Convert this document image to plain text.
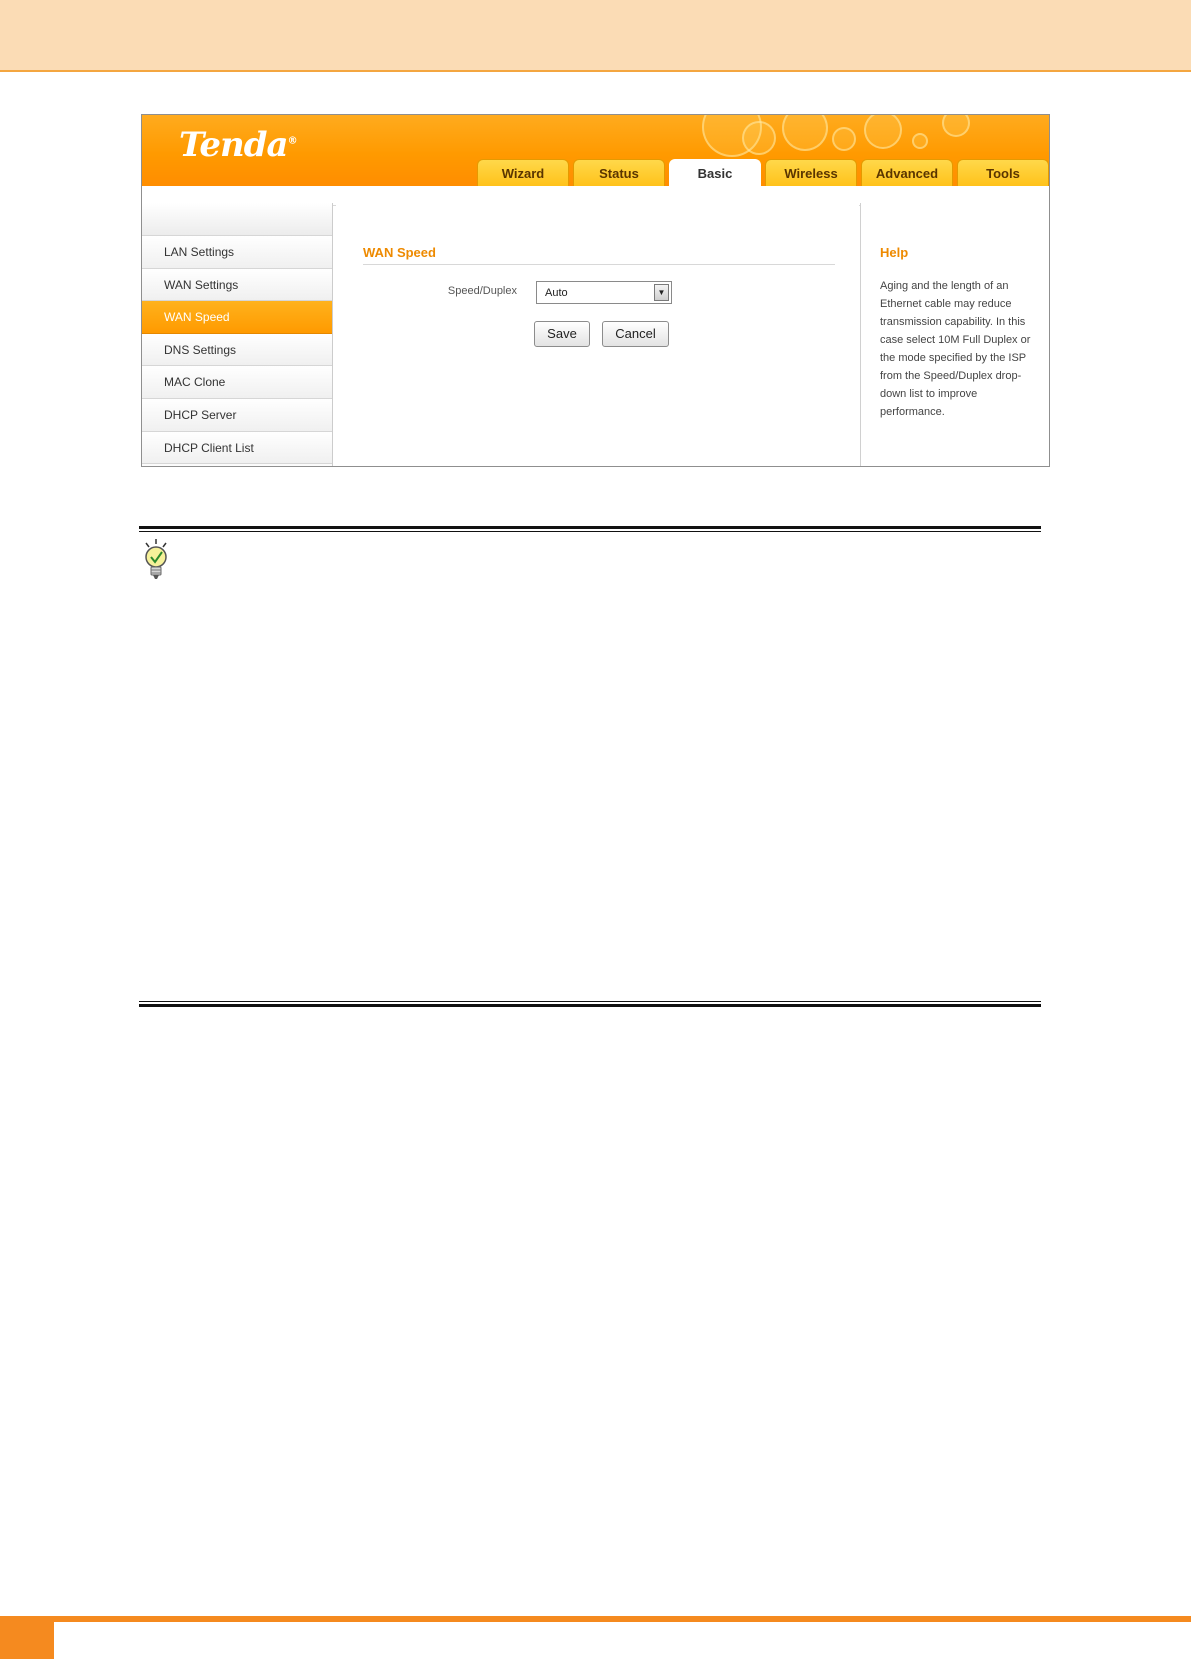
Tenda®
Wizard	Status	Basic	Wireless	Advanced	Tools
LAN Settings
WAN Settings
WAN Speed
DNS Settings
MAC Clone
DHCP Server
DHCP Client List
WAN Speed
Speed/Duplex	Auto	▼
Save	Cancel
Help
Aging and the length of an Ethernet cable may reduce transmission capability. In this case select 10M Full Duplex or the mode specified by the ISP from the Speed/Duplex drop-down list to improve performance.
